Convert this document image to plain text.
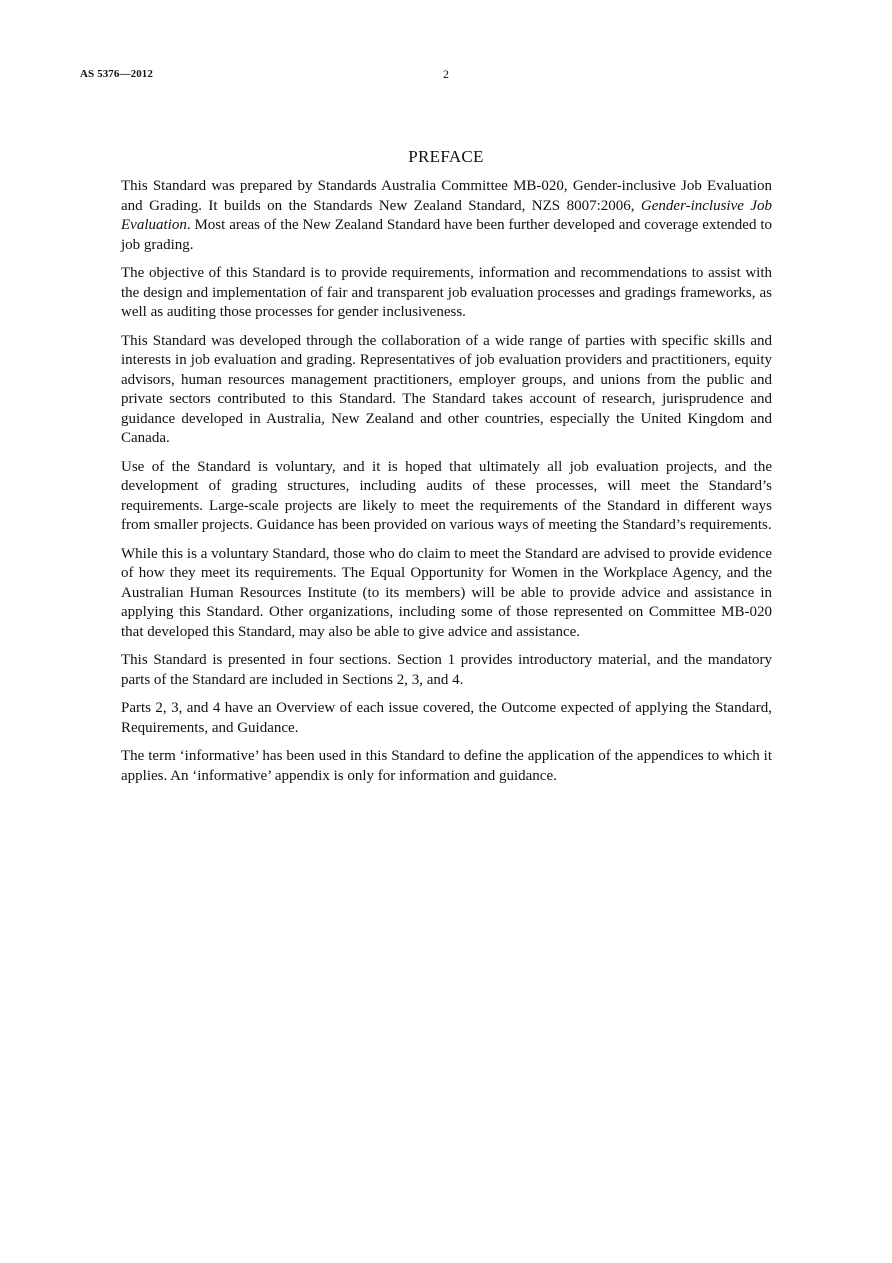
AS 5376—2012	2
PREFACE

This Standard was prepared by Standards Australia Committee MB-020, Gender-inclusive Job Evaluation and Grading. It builds on the Standards New Zealand Standard, NZS 8007:2006, Gender-inclusive Job Evaluation. Most areas of the New Zealand Standard have been further developed and coverage extended to job grading.

The objective of this Standard is to provide requirements, information and recommendations to assist with the design and implementation of fair and transparent job evaluation processes and gradings frameworks, as well as auditing those processes for gender inclusiveness.

This Standard was developed through the collaboration of a wide range of parties with specific skills and interests in job evaluation and grading. Representatives of job evaluation providers and practitioners, equity advisors, human resources management practitioners, employer groups, and unions from the public and private sectors contributed to this Standard. The Standard takes account of research, jurisprudence and guidance developed in Australia, New Zealand and other countries, especially the United Kingdom and Canada.

Use of the Standard is voluntary, and it is hoped that ultimately all job evaluation projects, and the development of grading structures, including audits of these processes, will meet the Standard’s requirements. Large-scale projects are likely to meet the requirements of the Standard in different ways from smaller projects. Guidance has been provided on various ways of meeting the Standard’s requirements.

While this is a voluntary Standard, those who do claim to meet the Standard are advised to provide evidence of how they meet its requirements. The Equal Opportunity for Women in the Workplace Agency, and the Australian Human Resources Institute (to its members) will be able to provide advice and assistance in applying this Standard. Other organizations, including some of those represented on Committee MB-020 that developed this Standard, may also be able to give advice and assistance.

This Standard is presented in four sections. Section 1 provides introductory material, and the mandatory parts of the Standard are included in Sections 2, 3, and 4.

Parts 2, 3, and 4 have an Overview of each issue covered, the Outcome expected of applying the Standard, Requirements, and Guidance.

The term ‘informative’ has been used in this Standard to define the application of the appendices to which it applies. An ‘informative’ appendix is only for information and guidance.
